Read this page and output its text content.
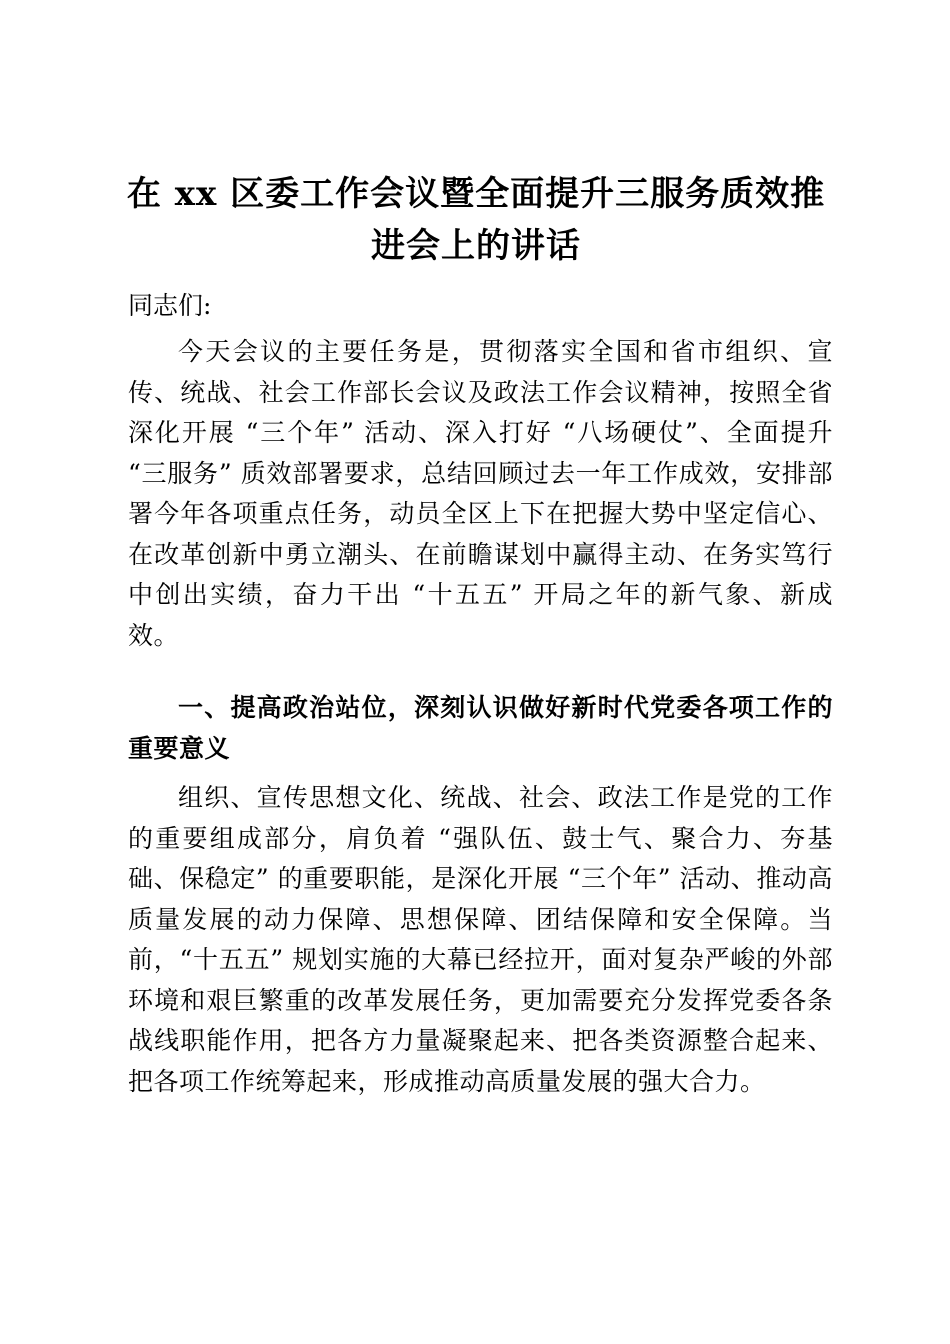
在 xx 区委工作会议暨全面提升三服务质效推进会上的讲话

同志们:

今天会议的主要任务是，贯彻落实全国和省市组织、宣传、统战、社会工作部长会议及政法工作会议精神，按照全省深化开展 “三个年” 活动、深入打好 “八场硬仗”、全面提升 “三服务” 质效部署要求，总结回顾过去一年工作成效，安排部署今年各项重点任务，动员全区上下在把握大势中坚定信心、在改革创新中勇立潮头、在前瞻谋划中赢得主动、在务实笃行中创出实绩，奋力干出 “十五五” 开局之年的新气象、新成效。

一、提高政治站位，深刻认识做好新时代党委各项工作的重要意义

组织、宣传思想文化、统战、社会、政法工作是党的工作的重要组成部分，肩负着 “强队伍、鼓士气、聚合力、夯基础、保稳定” 的重要职能，是深化开展 “三个年” 活动、推动高质量发展的动力保障、思想保障、团结保障和安全保障。当前，“十五五” 规划实施的大幕已经拉开，面对复杂严峻的外部环境和艰巨繁重的改革发展任务，更加需要充分发挥党委各条战线职能作用，把各方力量凝聚起来、把各类资源整合起来、把各项工作统筹起来，形成推动高质量发展的强大合力。
